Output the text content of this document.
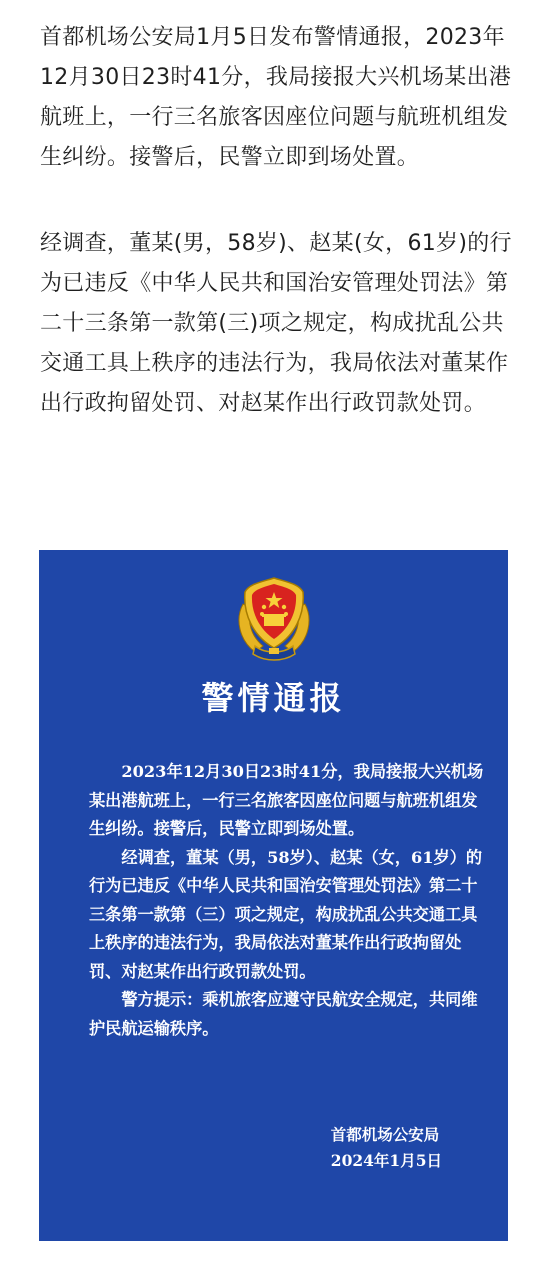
首都机场公安局1月5日发布警情通报，2023年12月30日23时41分，我局接报大兴机场某出港航班上，一行三名旅客因座位问题与航班机组发生纠纷。接警后，民警立即到场处置。

经调查，董某(男，58岁)、赵某(女，61岁)的行为已违反《中华人民共和国治安管理处罚法》第二十三条第一款第(三)项之规定，构成扰乱公共交通工具上秩序的违法行为，我局依法对董某作出行政拘留处罚、对赵某作出行政罚款处罚。

警情通报

2023年12月30日23时41分，我局接报大兴机场某出港航班上，一行三名旅客因座位问题与航班机组发生纠纷。接警后，民警立即到场处置。

经调查，董某（男，58岁）、赵某（女，61岁）的行为已违反《中华人民共和国治安管理处罚法》第二十三条第一款第（三）项之规定，构成扰乱公共交通工具上秩序的违法行为，我局依法对董某作出行政拘留处罚、对赵某作出行政罚款处罚。

警方提示：乘机旅客应遵守民航安全规定，共同维护民航运输秩序。

首都机场公安局
2024年1月5日
